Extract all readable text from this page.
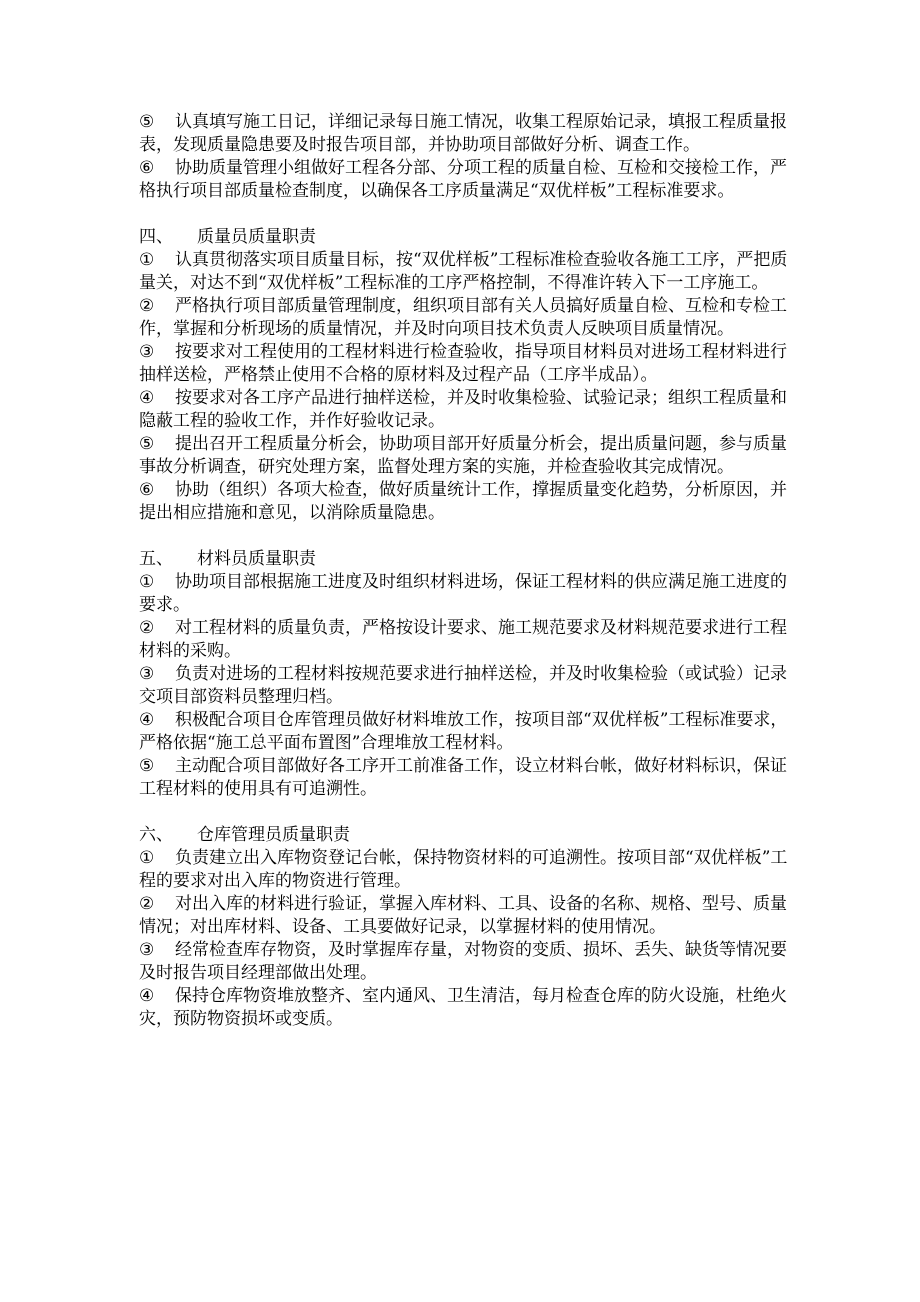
⑤ 认真填写施工日记，详细记录每日施工情况，收集工程原始记录，填报工程质量报表，发现质量隐患要及时报告项目部，并协助项目部做好分析、调查工作。

⑥ 协助质量管理小组做好工程各分部、分项工程的质量自检、互检和交接检工作，严格执行项目部质量检查制度，以确保各工序质量满足“双优样板”工程标准要求。

四、 质量员质量职责

① 认真贯彻落实项目质量目标，按“双优样板”工程标准检查验收各施工工序，严把质量关，对达不到“双优样板”工程标准的工序严格控制，不得准许转入下一工序施工。

② 严格执行项目部质量管理制度，组织项目部有关人员搞好质量自检、互检和专检工作，掌握和分析现场的质量情况，并及时向项目技术负责人反映项目质量情况。

③ 按要求对工程使用的工程材料进行检查验收，指导项目材料员对进场工程材料进行抽样送检，严格禁止使用不合格的原材料及过程产品（工序半成品）。

④ 按要求对各工序产品进行抽样送检，并及时收集检验、试验记录；组织工程质量和隐蔽工程的验收工作，并作好验收记录。

⑤ 提出召开工程质量分析会，协助项目部开好质量分析会，提出质量问题，参与质量事故分析调查，研究处理方案，监督处理方案的实施，并检查验收其完成情况。

⑥ 协助（组织）各项大检查，做好质量统计工作，撑握质量变化趋势，分析原因，并提出相应措施和意见，以消除质量隐患。

五、 材料员质量职责

① 协助项目部根据施工进度及时组织材料进场，保证工程材料的供应满足施工进度的要求。

② 对工程材料的质量负责，严格按设计要求、施工规范要求及材料规范要求进行工程材料的采购。

③ 负责对进场的工程材料按规范要求进行抽样送检，并及时收集检验（或试验）记录交项目部资料员整理归档。

④ 积极配合项目仓库管理员做好材料堆放工作，按项目部“双优样板”工程标准要求，严格依据“施工总平面布置图”合理堆放工程材料。

⑤ 主动配合项目部做好各工序开工前准备工作，设立材料台帐，做好材料标识，保证工程材料的使用具有可追溯性。

六、 仓库管理员质量职责

① 负责建立出入库物资登记台帐，保持物资材料的可追溯性。按项目部“双优样板”工程的要求对出入库的物资进行管理。

② 对出入库的材料进行验证，掌握入库材料、工具、设备的名称、规格、型号、质量情况；对出库材料、设备、工具要做好记录，以掌握材料的使用情况。

③ 经常检查库存物资，及时掌握库存量，对物资的变质、损坏、丢失、缺货等情况要及时报告项目经理部做出处理。

④ 保持仓库物资堆放整齐、室内通风、卫生清洁，每月检查仓库的防火设施，杜绝火灾，预防物资损坏或变质。
